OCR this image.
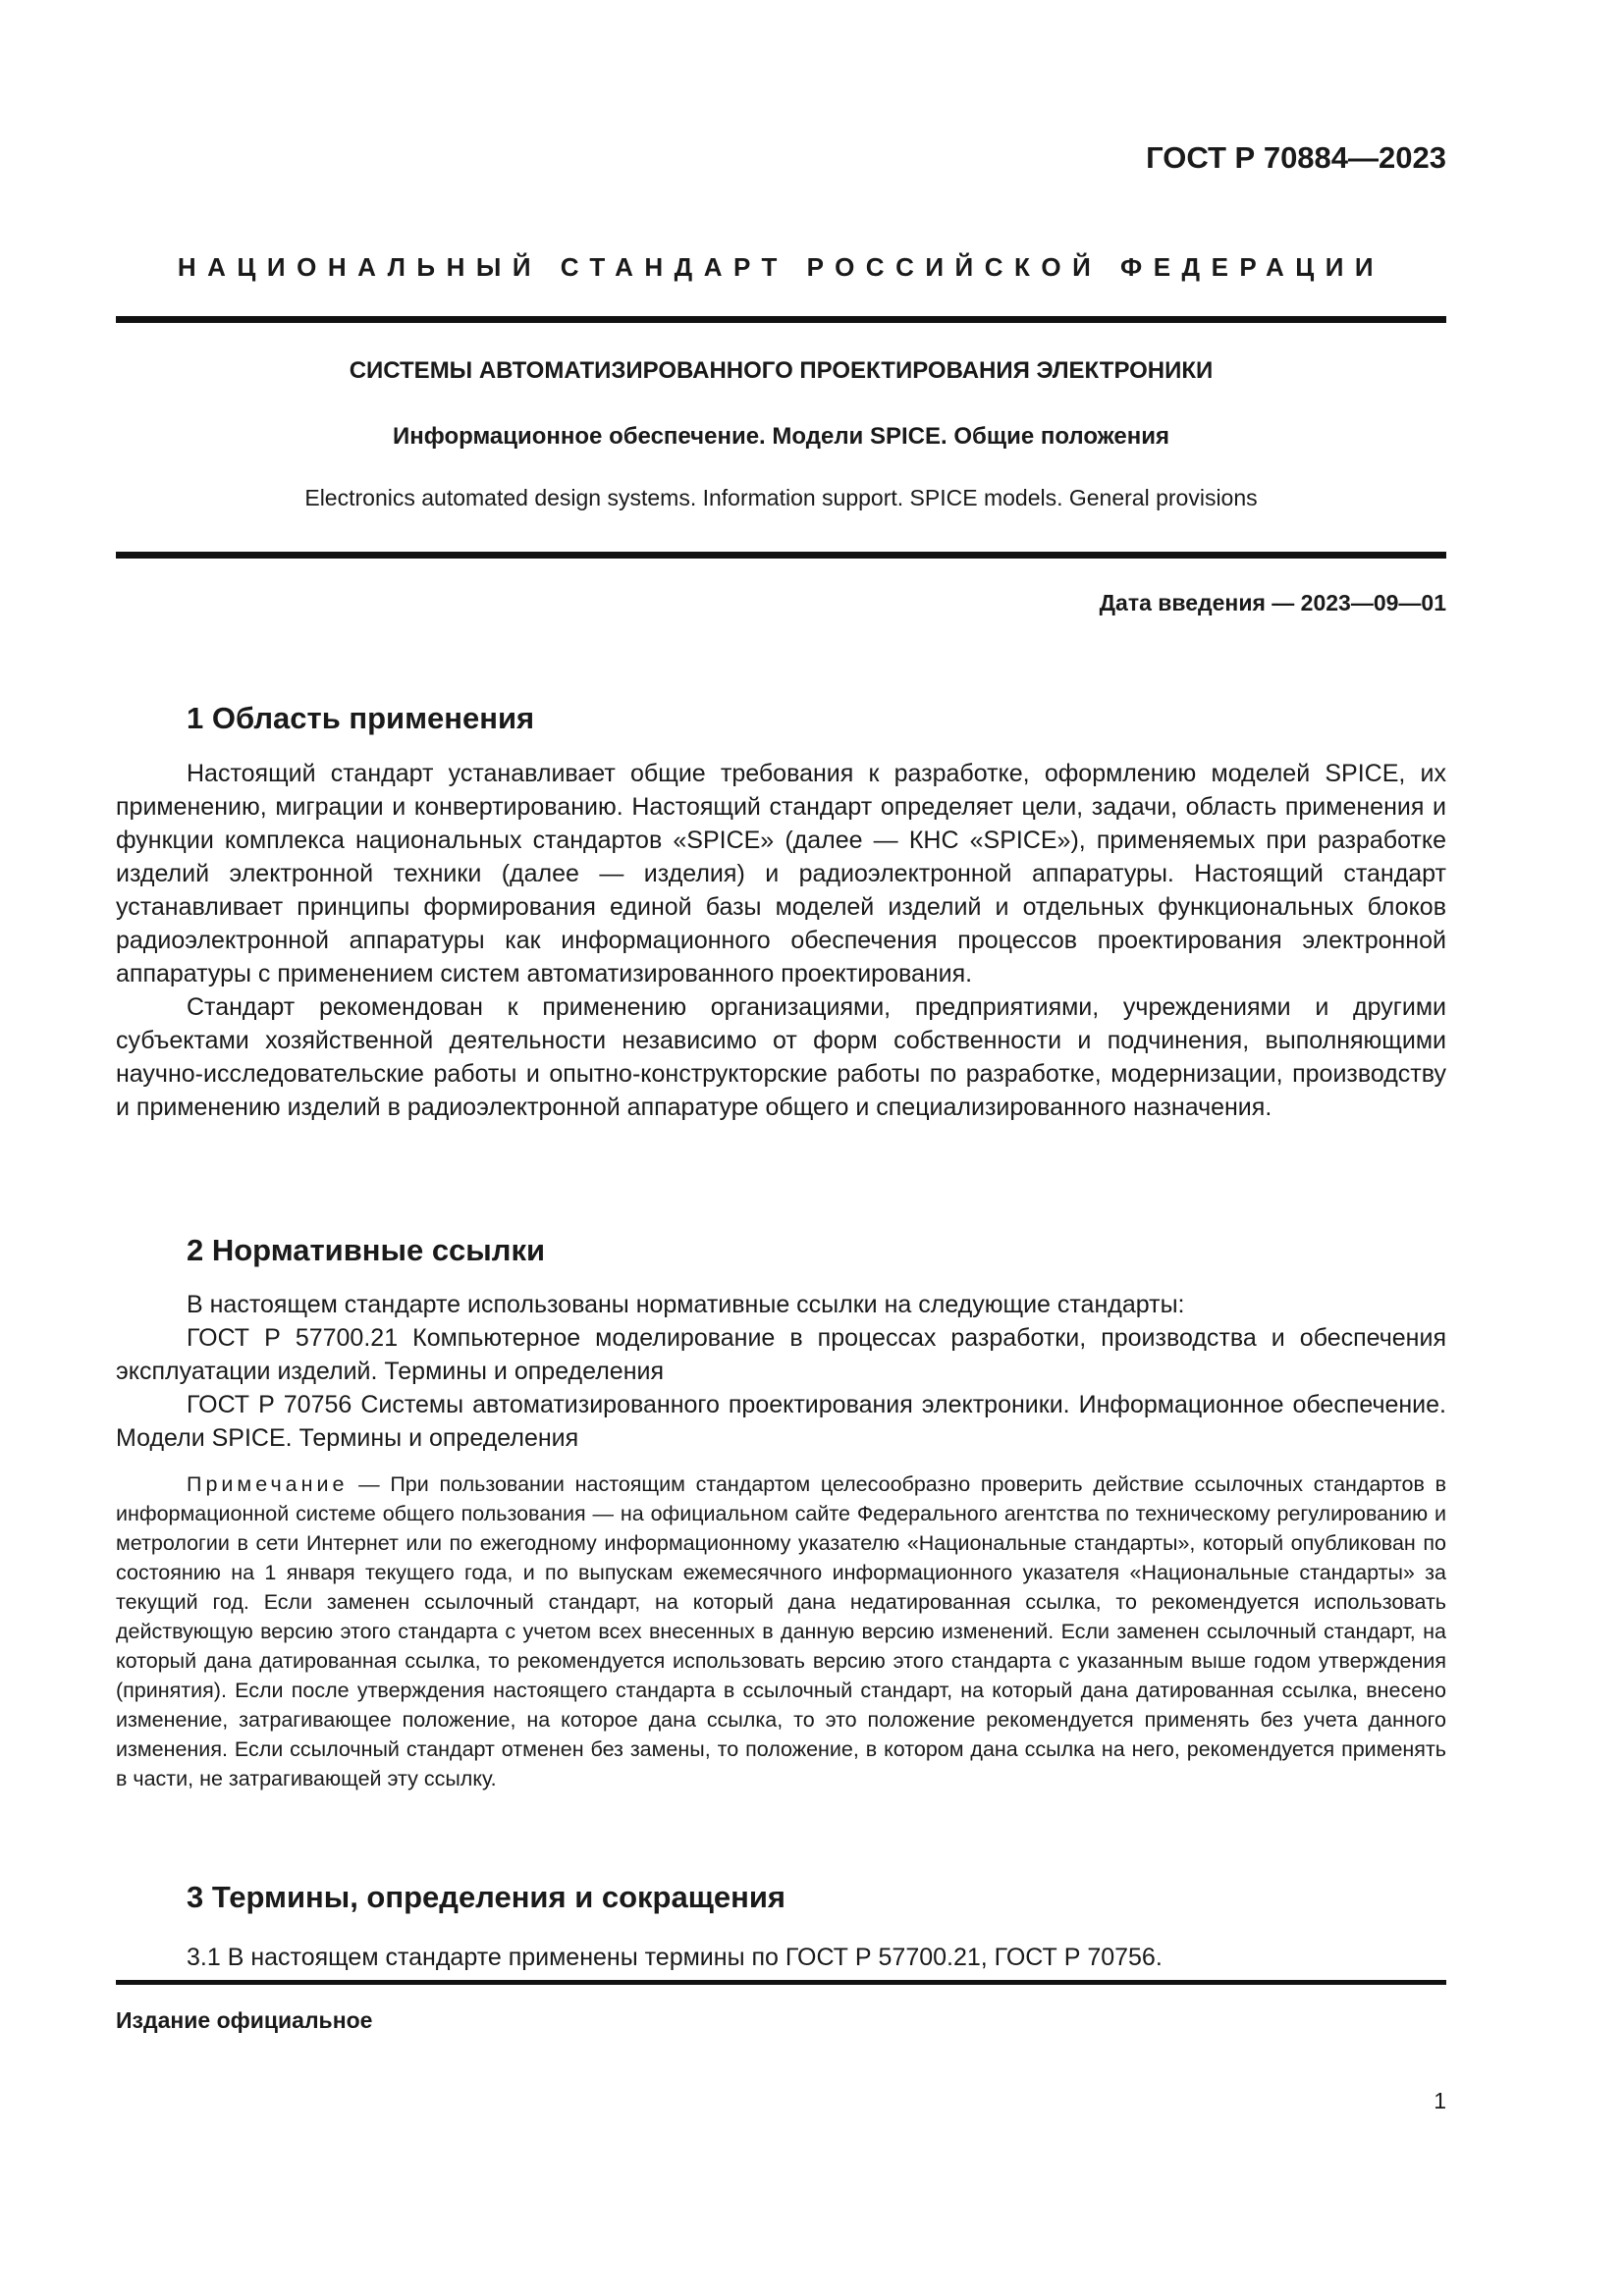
ГОСТ Р 70884—2023
НАЦИОНАЛЬНЫЙ СТАНДАРТ РОССИЙСКОЙ ФЕДЕРАЦИИ
СИСТЕМЫ АВТОМАТИЗИРОВАННОГО ПРОЕКТИРОВАНИЯ ЭЛЕКТРОНИКИ
Информационное обеспечение. Модели SPICE. Общие положения
Electronics automated design systems. Information support. SPICE models. General provisions
Дата введения — 2023—09—01
1 Область применения

Настоящий стандарт устанавливает общие требования к разработке, оформлению моделей SPICE, их применению, миграции и конвертированию. Настоящий стандарт определяет цели, задачи, область применения и функции комплекса национальных стандартов «SPICE» (далее — КНС «SPICE»), применяемых при разработке изделий электронной техники (далее — изделия) и радиоэлектронной аппаратуры. Настоящий стандарт устанавливает принципы формирования единой базы моделей изделий и отдельных функциональных блоков радиоэлектронной аппаратуры как информационного обеспечения процессов проектирования электронной аппаратуры с применением систем автоматизированного проектирования.

Стандарт рекомендован к применению организациями, предприятиями, учреждениями и другими субъектами хозяйственной деятельности независимо от форм собственности и подчинения, выполняющими научно-исследовательские работы и опытно-конструкторские работы по разработке, модернизации, производству и применению изделий в радиоэлектронной аппаратуре общего и специализированного назначения.

2 Нормативные ссылки

В настоящем стандарте использованы нормативные ссылки на следующие стандарты:

ГОСТ Р 57700.21 Компьютерное моделирование в процессах разработки, производства и обеспечения эксплуатации изделий. Термины и определения

ГОСТ Р 70756 Системы автоматизированного проектирования электроники. Информационное обеспечение. Модели SPICE. Термины и определения

Примечание — При пользовании настоящим стандартом целесообразно проверить действие ссылочных стандартов в информационной системе общего пользования — на официальном сайте Федерального агентства по техническому регулированию и метрологии в сети Интернет или по ежегодному информационному указателю «Национальные стандарты», который опубликован по состоянию на 1 января текущего года, и по выпускам ежемесячного информационного указателя «Национальные стандарты» за текущий год. Если заменен ссылочный стандарт, на который дана недатированная ссылка, то рекомендуется использовать действующую версию этого стандарта с учетом всех внесенных в данную версию изменений. Если заменен ссылочный стандарт, на который дана датированная ссылка, то рекомендуется использовать версию этого стандарта с указанным выше годом утверждения (принятия). Если после утверждения настоящего стандарта в ссылочный стандарт, на который дана датированная ссылка, внесено изменение, затрагивающее положение, на которое дана ссылка, то это положение рекомендуется применять без учета данного изменения. Если ссылочный стандарт отменен без замены, то положение, в котором дана ссылка на него, рекомендуется применять в части, не затрагивающей эту ссылку.

3 Термины, определения и сокращения
3.1 В настоящем стандарте применены термины по ГОСТ Р 57700.21, ГОСТ Р 70756.
Издание официальное
1
